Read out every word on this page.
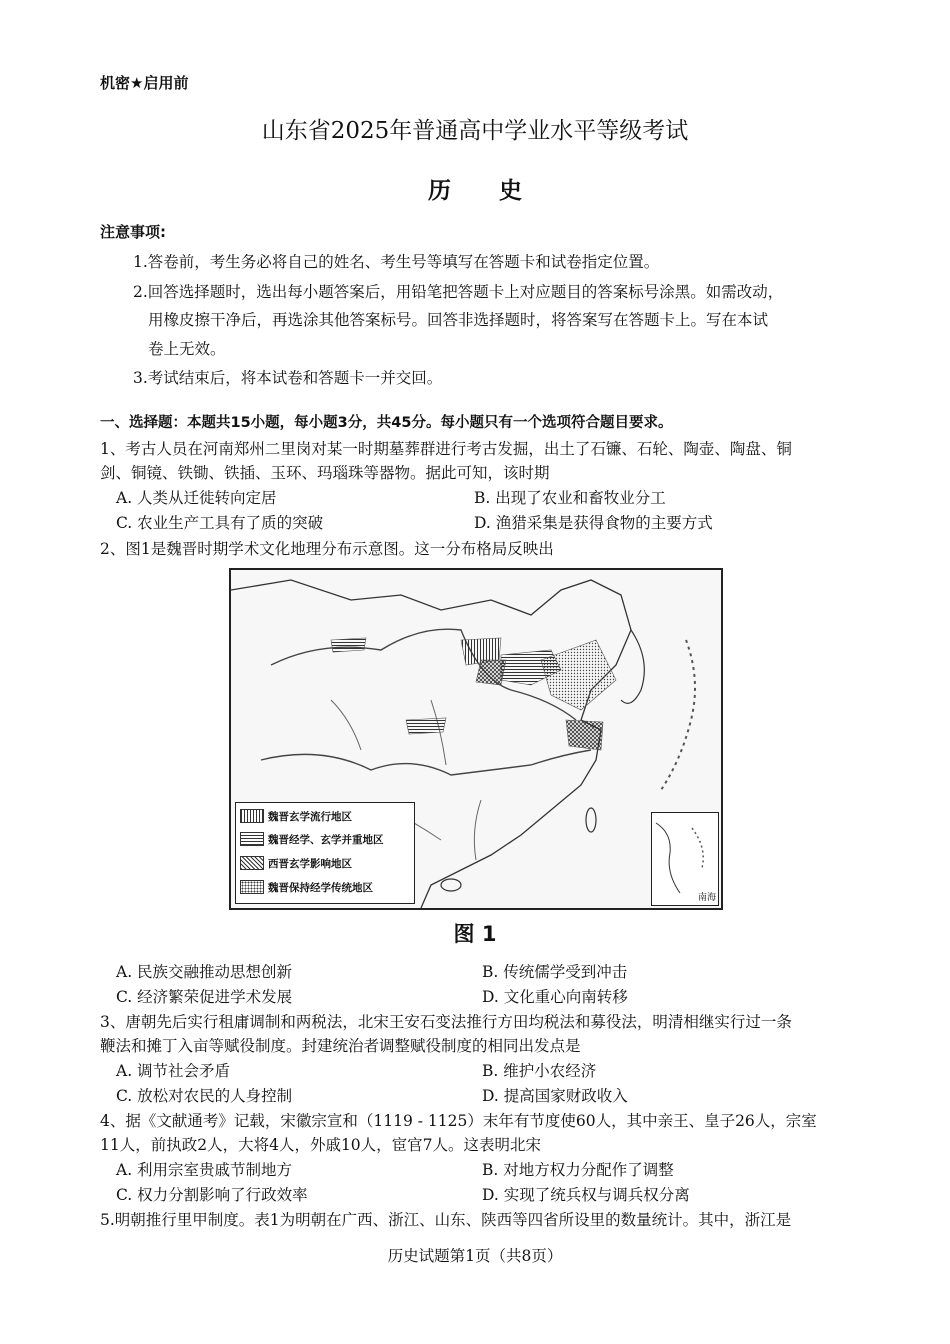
机密★启用前
山东省2025年普通高中学业水平等级考试
历 史
注意事项:
1.答卷前，考生务必将自己的姓名、考生号等填写在答题卡和试卷指定位置。
2.回答选择题时，选出每小题答案后，用铅笔把答题卡上对应题目的答案标号涂黑。如需改动，
用橡皮擦干净后，再选涂其他答案标号。回答非选择题时，将答案写在答题卡上。写在本试
卷上无效。
3.考试结束后，将本试卷和答题卡一并交回。
一、选择题：本题共15小题，每小题3分，共45分。每小题只有一个选项符合题目要求。
1、考古人员在河南郑州二里岗对某一时期墓葬群进行考古发掘，出土了石镰、石轮、陶壶、陶盘、铜
剑、铜镜、铁锄、铁插、玉环、玛瑙珠等器物。据此可知，该时期
A. 人类从迁徙转向定居	B. 出现了农业和畜牧业分工
C. 农业生产工具有了质的突破	D. 渔猎采集是获得食物的主要方式
2、图1是魏晋时期学术文化地理分布示意图。这一分布格局反映出
魏晋玄学流行地区
魏晋经学、玄学并重地区
西晋玄学影响地区
魏晋保持经学传统地区
南海
图 1
A. 民族交融推动思想创新	B. 传统儒学受到冲击
C. 经济繁荣促进学术发展	D. 文化重心向南转移
3、唐朝先后实行租庸调制和两税法，北宋王安石变法推行方田均税法和募役法，明清相继实行过一条
鞭法和摊丁入亩等赋役制度。封建统治者调整赋役制度的相同出发点是
A. 调节社会矛盾	B. 维护小农经济
C. 放松对农民的人身控制	D. 提高国家财政收入
4、据《文献通考》记载，宋徽宗宣和（1119 - 1125）末年有节度使60人，其中亲王、皇子26人，宗室
11人，前执政2人，大将4人，外戚10人，宦官7人。这表明北宋
A. 利用宗室贵戚节制地方	B. 对地方权力分配作了调整
C. 权力分割影响了行政效率	D. 实现了统兵权与调兵权分离
5.明朝推行里甲制度。表1为明朝在广西、浙江、山东、陕西等四省所设里的数量统计。其中，浙江是
历史试题第1页（共8页）
